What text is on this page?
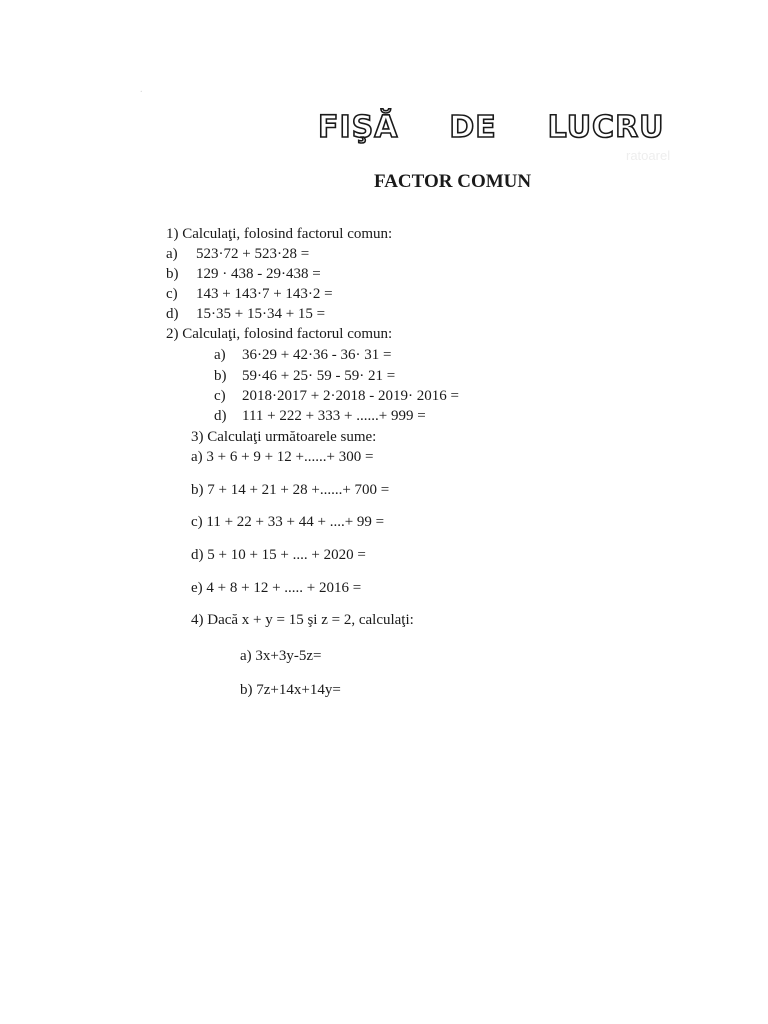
.
FIŞĂ  DE  LUCRU
ratoarel
FACTOR COMUN
1) Calculaţi, folosind factorul comun:
a) 523·72 + 523·28 =
b) 129 · 438 - 29·438 =
c) 143 + 143·7 + 143·2 =
d) 15·35 + 15·34 + 15 =
2) Calculaţi, folosind factorul comun:
a) 36·29 + 42·36 - 36· 31 =
b) 59·46 + 25· 59 - 59· 21 =
c) 2018·2017 + 2·2018 - 2019· 2016 =
d) 111 + 222 + 333 + ......+ 999 =
3) Calculaţi următoarele sume:
a) 3 + 6 + 9 + 12 +......+ 300 =
b) 7 + 14 + 21 + 28 +......+ 700 =
c) 11 + 22 + 33 + 44 + ....+ 99 =
d) 5 + 10 + 15 + .... + 2020 =
e) 4 + 8 + 12 + ..... + 2016 =
4) Dacă x + y = 15 şi z = 2, calculaţi:
a) 3x+3y-5z=
b) 7z+14x+14y=
